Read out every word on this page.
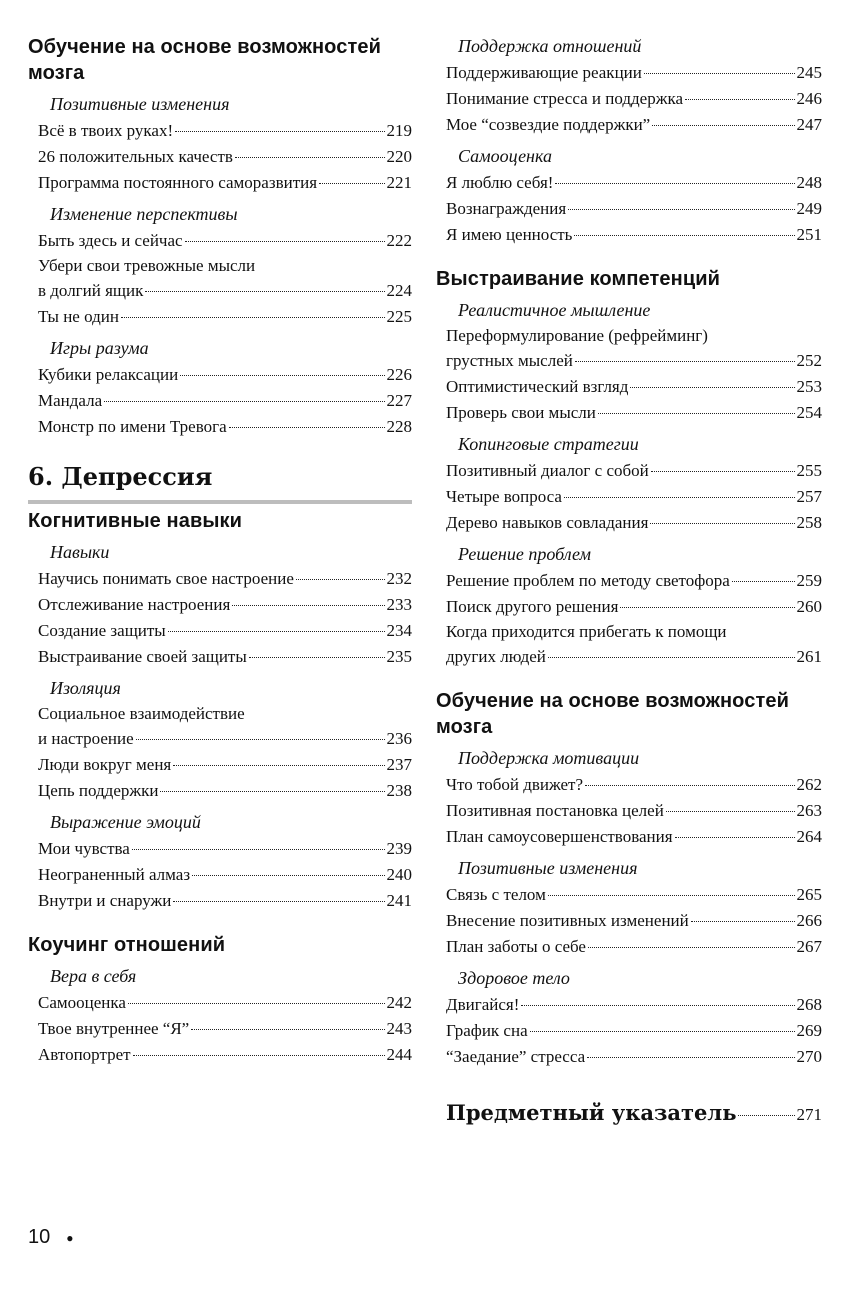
Обучение на основе возможностей
мозга
Позитивные изменения
Всё в твоих руках!	219
26 положительных качеств	220
Программа постоянного саморазвития	221
Изменение перспективы
Быть здесь и сейчас	222
Убери свои тревожные мысли
в долгий ящик	224
Ты не один	225
Игры разума
Кубики релаксации	226
Мандала	227
Монстр по имени Тревога	228
6. Депрессия
Когнитивные навыки
Навыки
Научись понимать свое настроение	232
Отслеживание настроения	233
Создание защиты	234
Выстраивание своей защиты	235
Изоляция
Социальное взаимодействие
и настроение	236
Люди вокруг меня	237
Цепь поддержки	238
Выражение эмоций
Мои чувства	239
Неограненный алмаз	240
Внутри и снаружи	241
Коучинг отношений
Вера в себя
Самооценка	242
Твое внутреннее “Я”	243
Автопортрет	244
Поддержка отношений
Поддерживающие реакции	245
Понимание стресса и поддержка	246
Мое “созвездие поддержки”	247
Самооценка
Я люблю себя!	248
Вознаграждения	249
Я имею ценность	251
Выстраивание компетенций
Реалистичное мышление
Переформулирование (рефрейминг)
грустных мыслей	252
Оптимистический взгляд	253
Проверь свои мысли	254
Копинговые стратегии
Позитивный диалог с собой	255
Четыре вопроса	257
Дерево навыков совладания	258
Решение проблем
Решение проблем по методу светофора	259
Поиск другого решения	260
Когда приходится прибегать к помощи
других людей	261
Обучение на основе возможностей
мозга
Поддержка мотивации
Что тобой движет?	262
Позитивная постановка целей	263
План самоусовершенствования	264
Позитивные изменения
Связь с телом	265
Внесение позитивных изменений	266
План заботы о себе	267
Здоровое тело
Двигайся!	268
График сна	269
“Заедание” стресса	270
Предметный указатель	271
10 ●
